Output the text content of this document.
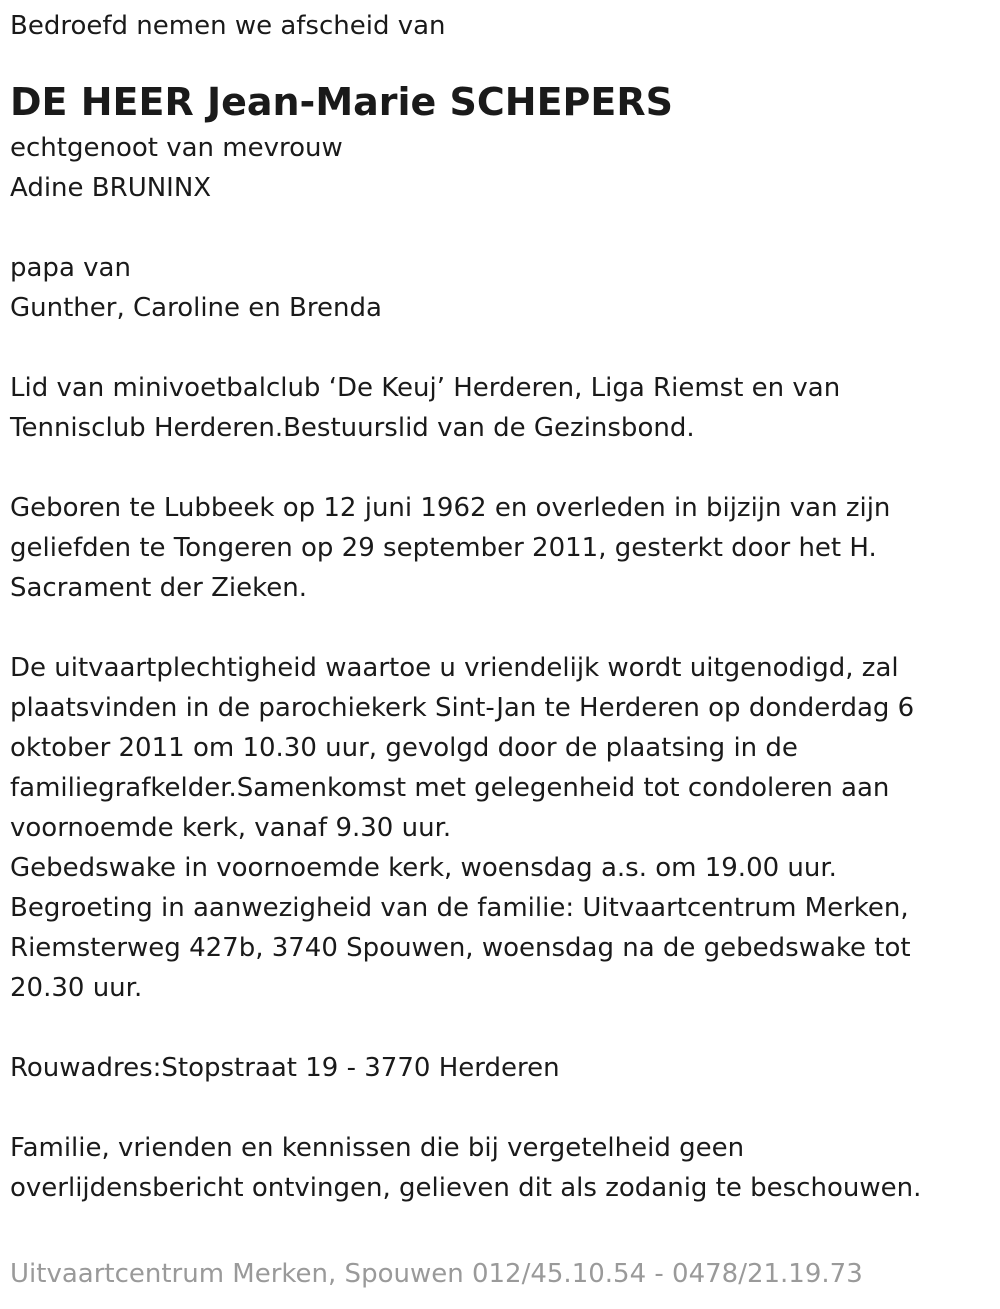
Bedroefd nemen we afscheid van

DE HEER Jean-Marie SCHEPERS

echtgenoot van mevrouw

Adine BRUNINX

papa van

Gunther, Caroline en Brenda

Lid van minivoetbalclub ‘De Keuj’ Herderen, Liga Riemst en van

Tennisclub Herderen.Bestuurslid van de Gezinsbond.

Geboren te Lubbeek op 12 juni 1962 en overleden in bijzijn van zijn

geliefden te Tongeren op 29 september 2011, gesterkt door het H.

Sacrament der Zieken.

De uitvaartplechtigheid waartoe u vriendelijk wordt uitgenodigd, zal

plaatsvinden in de parochiekerk Sint-Jan te Herderen op donderdag 6

oktober 2011 om 10.30 uur, gevolgd door de plaatsing in de

familiegrafkelder.Samenkomst met gelegenheid tot condoleren aan

voornoemde kerk, vanaf 9.30 uur.

Gebedswake in voornoemde kerk, woensdag a.s. om 19.00 uur.

Begroeting in aanwezigheid van de familie: Uitvaartcentrum Merken,

Riemsterweg 427b, 3740 Spouwen, woensdag na de gebedswake tot

20.30 uur.

Rouwadres:Stopstraat 19 - 3770 Herderen

Familie, vrienden en kennissen die bij vergetelheid geen

overlijdensbericht ontvingen, gelieven dit als zodanig te beschouwen.

Uitvaartcentrum Merken, Spouwen 012/45.10.54 - 0478/21.19.73
